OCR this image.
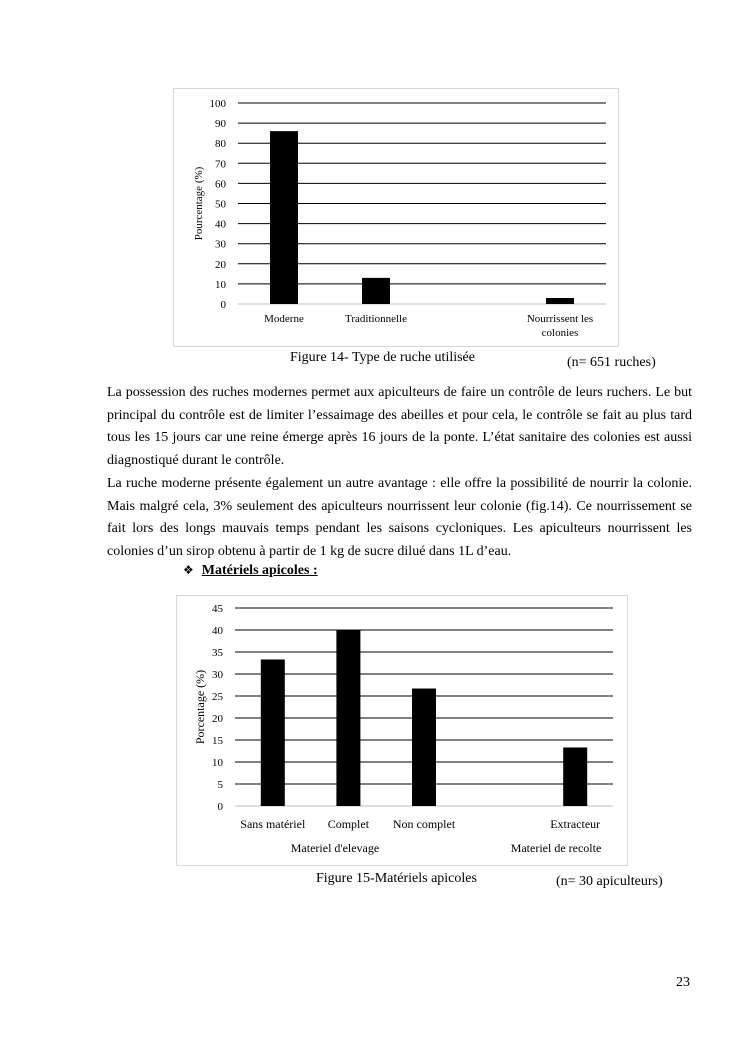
0
10
20
30
40
50
60
70
80
90
100
Pourcentage (%)
Moderne	Traditionnelle	Nourrissent les
colonies
Figure 14- Type de ruche utilisée	(n= 651 ruches)

La possession des ruches modernes permet aux apiculteurs de faire un contrôle de leurs ruchers. Le but principal du contrôle est de limiter l’essaimage des abeilles et pour cela, le contrôle se fait au plus tard tous les 15 jours car une reine émerge après 16 jours de la ponte. L’état sanitaire des colonies est aussi diagnostiqué durant le contrôle.

La ruche moderne présente également un autre avantage : elle offre la possibilité de nourrir la colonie. Mais malgré cela, 3% seulement des apiculteurs nourrissent leur colonie (fig.14). Ce nourrissement se fait lors des longs mauvais temps pendant les saisons cycloniques. Les apiculteurs nourrissent les colonies d’un sirop obtenu à partir de 1 kg de sucre dilué dans 1L d’eau.

❖ Matériels apicoles :
0
5
10
15
20
25
30
35
40
45
Porcentage (%)
Sans matériel Complet Non complet	Extracteur
Materiel d'elevage	Materiel de recolte
Figure 15-Matériels apicoles	(n= 30 apiculteurs)
23
